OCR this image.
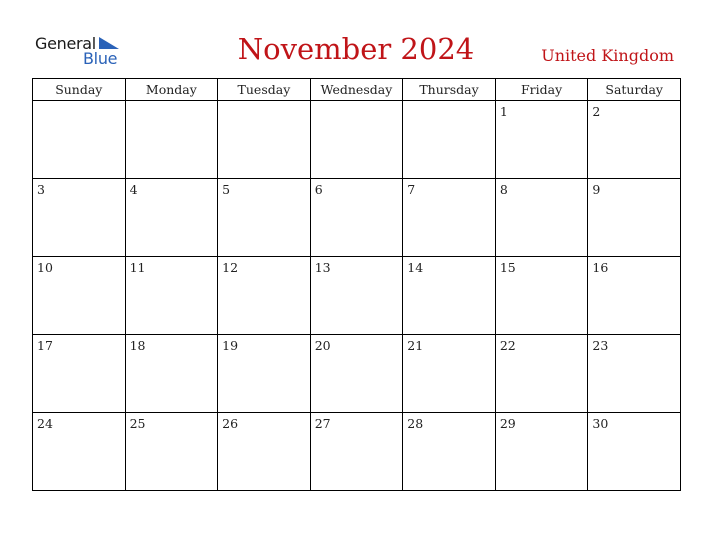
General
Blue	November 2024	United Kingdom
Sunday	Monday	Tuesday	Wednesday	Thursday	Friday	Saturday

					1	2

3	4	5	6	7	8	9

10	11	12	13	14	15	16

17	18	19	20	21	22	23

24	25	26	27	28	29	30
